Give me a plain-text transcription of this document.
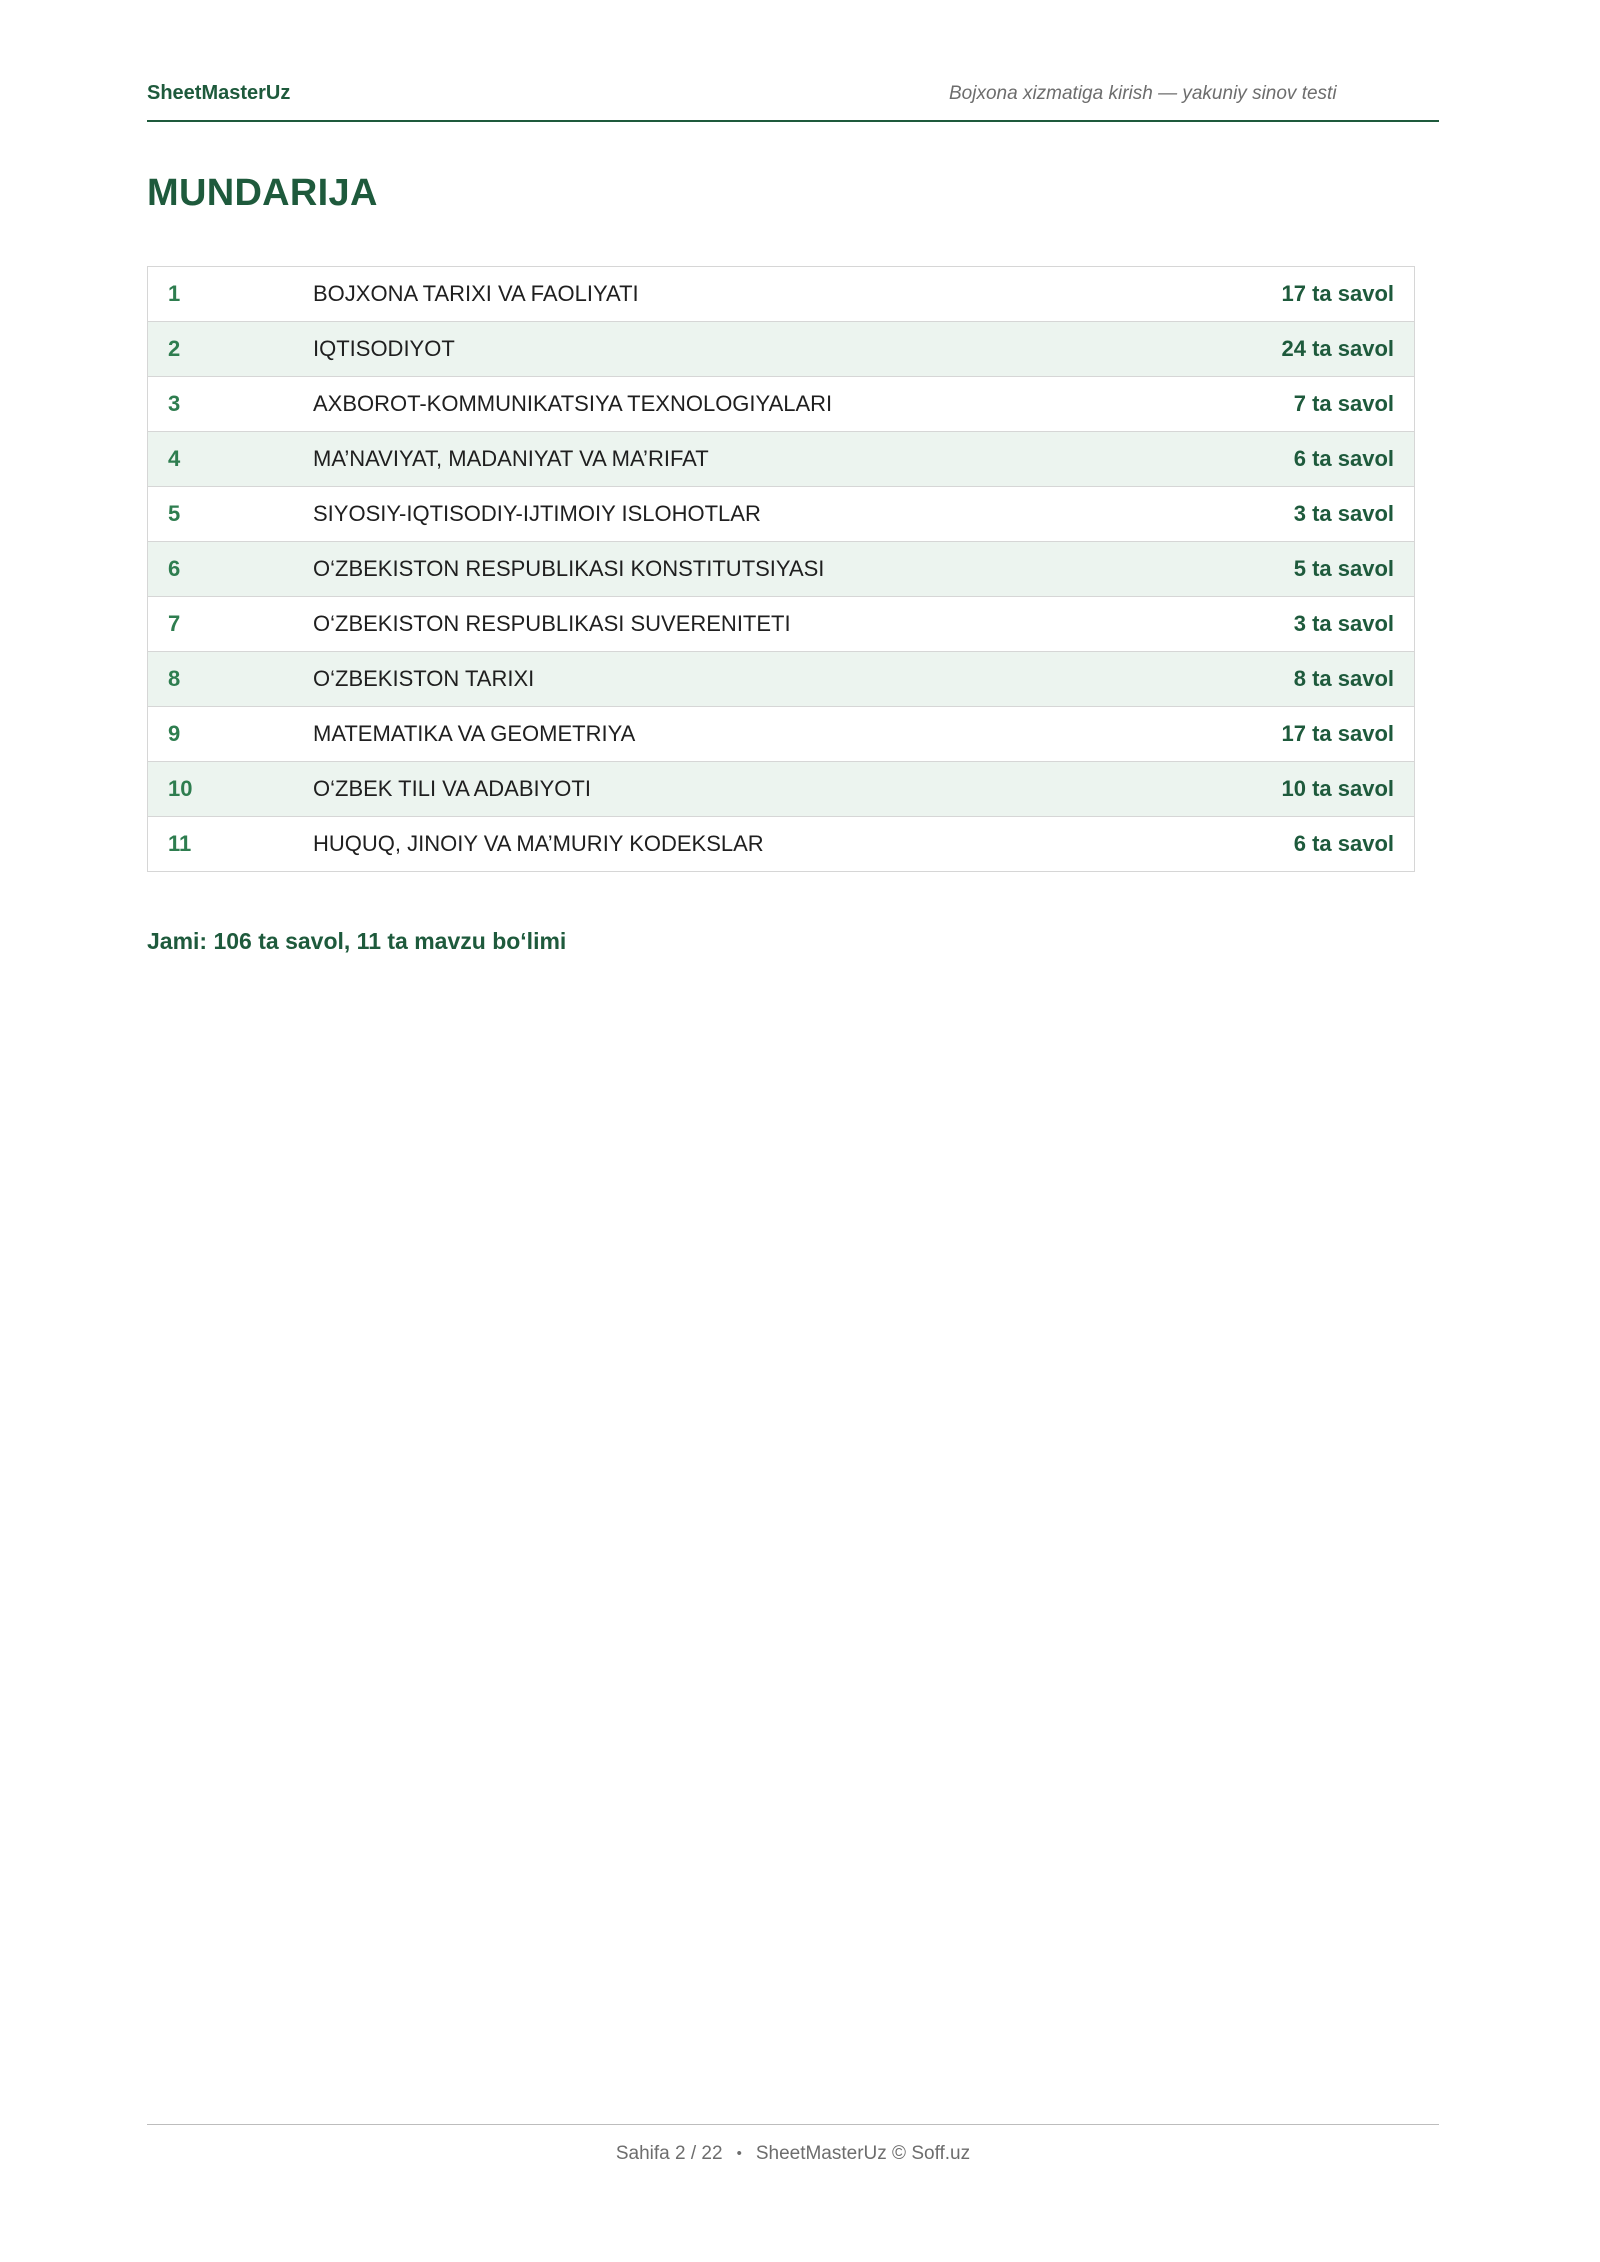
SheetMasterUz	Bojxona xizmatiga kirish — yakuniy sinov testi
MUNDARIJA
1	BOJXONA TARIXI VA FAOLIYATI	17 ta savol
2	IQTISODIYOT	24 ta savol
3	AXBOROT-KOMMUNIKATSIYA TEXNOLOGIYALARI	7 ta savol
4	MA’NAVIYAT, MADANIYAT VA MA’RIFAT	6 ta savol
5	SIYOSIY-IQTISODIY-IJTIMOIY ISLOHOTLAR	3 ta savol
6	O‘ZBEKISTON RESPUBLIKASI KONSTITUTSIYASI	5 ta savol
7	O‘ZBEKISTON RESPUBLIKASI SUVERENITETI	3 ta savol
8	O‘ZBEKISTON TARIXI	8 ta savol
9	MATEMATIKA VA GEOMETRIYA	17 ta savol
10	O‘ZBEK TILI VA ADABIYOTI	10 ta savol
11	HUQUQ, JINOIY VA MA’MURIY KODEKSLAR	6 ta savol
Jami: 106 ta savol, 11 ta mavzu bo‘limi
Sahifa 2 / 22 • SheetMasterUz © Soff.uz
